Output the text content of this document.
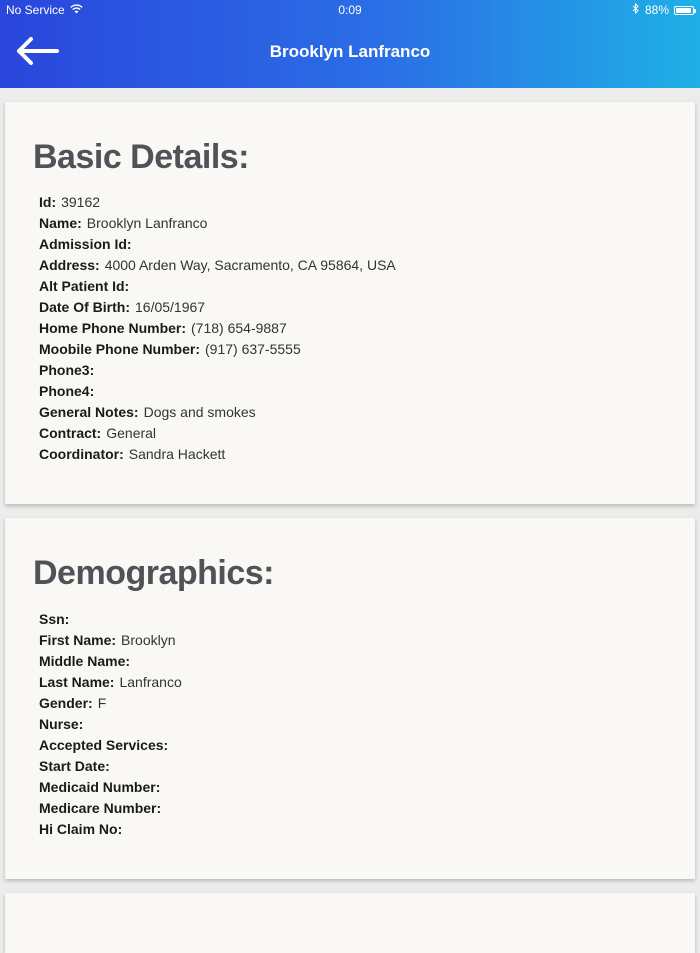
No Service	0:09	88%
Brooklyn Lanfranco
Basic Details:
Id: 39162
Name: Brooklyn Lanfranco
Admission Id:
Address: 4000 Arden Way, Sacramento, CA 95864, USA
Alt Patient Id:
Date Of Birth: 16/05/1967
Home Phone Number: (718) 654-9887
Moobile Phone Number: (917) 637-5555
Phone3:
Phone4:
General Notes: Dogs and smokes
Contract: General
Coordinator: Sandra Hackett
Demographics:
Ssn:
First Name: Brooklyn
Middle Name:
Last Name: Lanfranco
Gender: F
Nurse:
Accepted Services:
Start Date:
Medicaid Number:
Medicare Number:
Hi Claim No:
